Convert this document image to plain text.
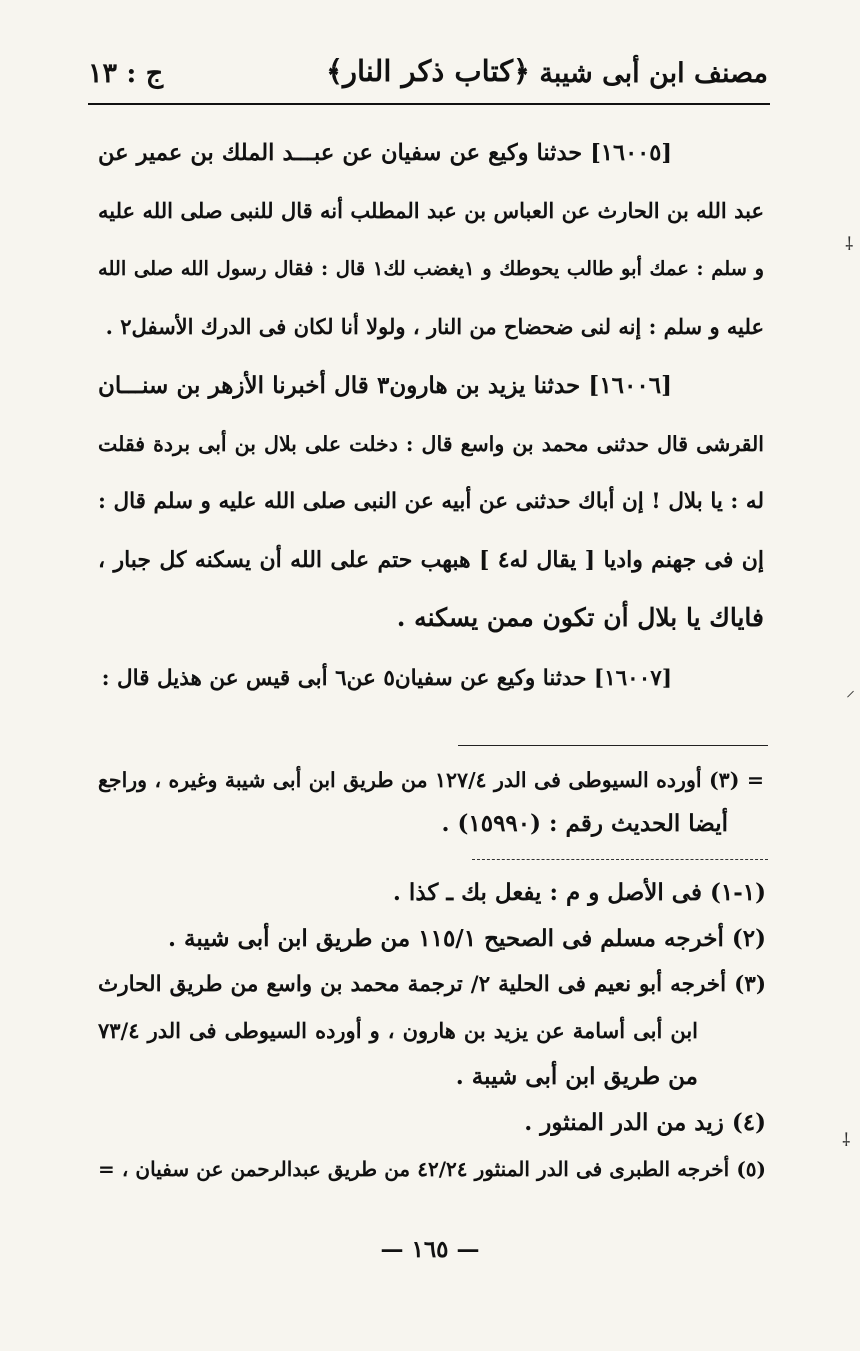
مصنف ابن أبى شيبة
﴿كتاب ذكر النار﴾
ج : ١٣
[١٦٠٠٥] حدثنا وكيع عن سفيان عن عبـــد الملك بن عمير عن
عبد الله بن الحارث عن العباس بن عبد المطلب أنه قال للنبى صلى الله عليه
و سلم : عمك أبو طالب يحوطك و ١يغضب لك١ قال : فقال رسول الله صلى الله
عليه و سلم : إنه لنى ضحضاح من النار ، ولولا أنا لكان فى الدرك الأسفل٢ .
[١٦٠٠٦] حدثنا يزيد بن هارون٣ قال أخبرنا الأزهر بن سنـــان
القرشى قال حدثنى محمد بن واسع قال : دخلت على بلال بن أبى بردة فقلت
له : يا بلال ! إن أباك حدثنى عن أبيه عن النبى صلى الله عليه و سلم قال :
إن فى جهنم واديا [ يقال له٤ ] هبهب حتم على الله أن يسكنه كل جبار ،
فاياك يا بلال أن تكون ممن يسكنه .
[١٦٠٠٧] حدثنا وكيع عن سفيان٥ عن٦ أبى قيس عن هذيل قال :
= (٣) أورده السيوطى فى الدر ١٢٧/٤ من طريق ابن أبى شيبة وغيره ، وراجع
أيضا الحديث رقم : (١٥٩٩٠) .
(١-١) فى الأصل و م : يفعل بك ـ كذا .
(٢) أخرجه مسلم فى الصحيح ١١٥/١ من طريق ابن أبى شيبة .
(٣) أخرجه أبو نعيم فى الحلية ٢/ ترجمة محمد بن واسع من طريق الحارث
ابن أبى أسامة عن يزيد بن هارون ، و أورده السيوطى فى الدر ٧٣/٤
من طريق ابن أبى شيبة .
(٤) زيد من الدر المنثور .
(٥) أخرجه الطبرى فى الدر المنثور ٤٢/٢٤ من طريق عبدالرحمن عن سفيان ، =
— ١٦٥ —
⸸
⸝
⸸
